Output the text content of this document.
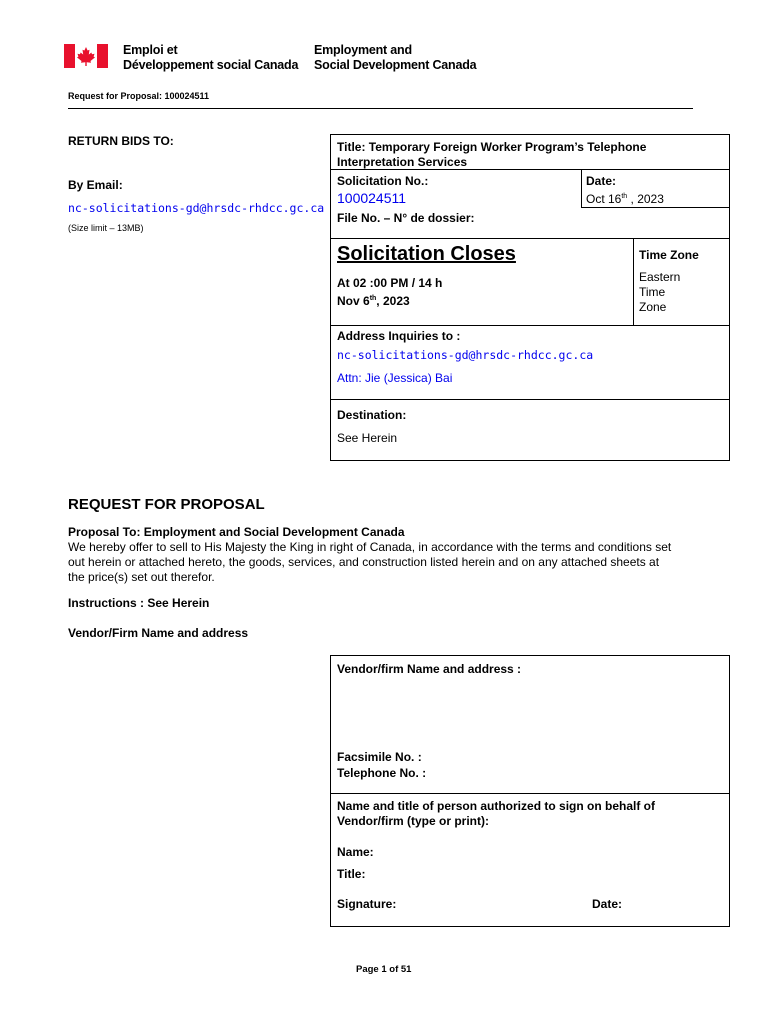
Emploi et
Développement social Canada
Employment and
Social Development Canada
Request for Proposal: 100024511
RETURN BIDS TO:
By Email:
nc-solicitations-gd@hrsdc-rhdcc.gc.ca
(Size limit – 13MB)
Title: Temporary Foreign Worker Program’s Telephone
Interpretation Services
Solicitation No.:
100024511
Date:
Oct 16th , 2023
File No. – N° de dossier:
Solicitation Closes
At 02 :00 PM / 14 h
Nov 6th, 2023
Time Zone
Eastern
Time
Zone
Address Inquiries to :
nc-solicitations-gd@hrsdc-rhdcc.gc.ca
Attn: Jie (Jessica) Bai
Destination:
See Herein
REQUEST FOR PROPOSAL
Proposal To: Employment and Social Development Canada
We hereby offer to sell to His Majesty the King in right of Canada, in accordance with the terms and conditions set
out herein or attached hereto, the goods, services, and construction listed herein and on any attached sheets at
the price(s) set out therefor.
Instructions : See Herein
Vendor/Firm Name and address
Vendor/firm Name and address :
Facsimile No. :
Telephone No. :
Name and title of person authorized to sign on behalf of
Vendor/firm (type or print):
Name:
Title:
Signature:	Date:
Page 1 of 51
